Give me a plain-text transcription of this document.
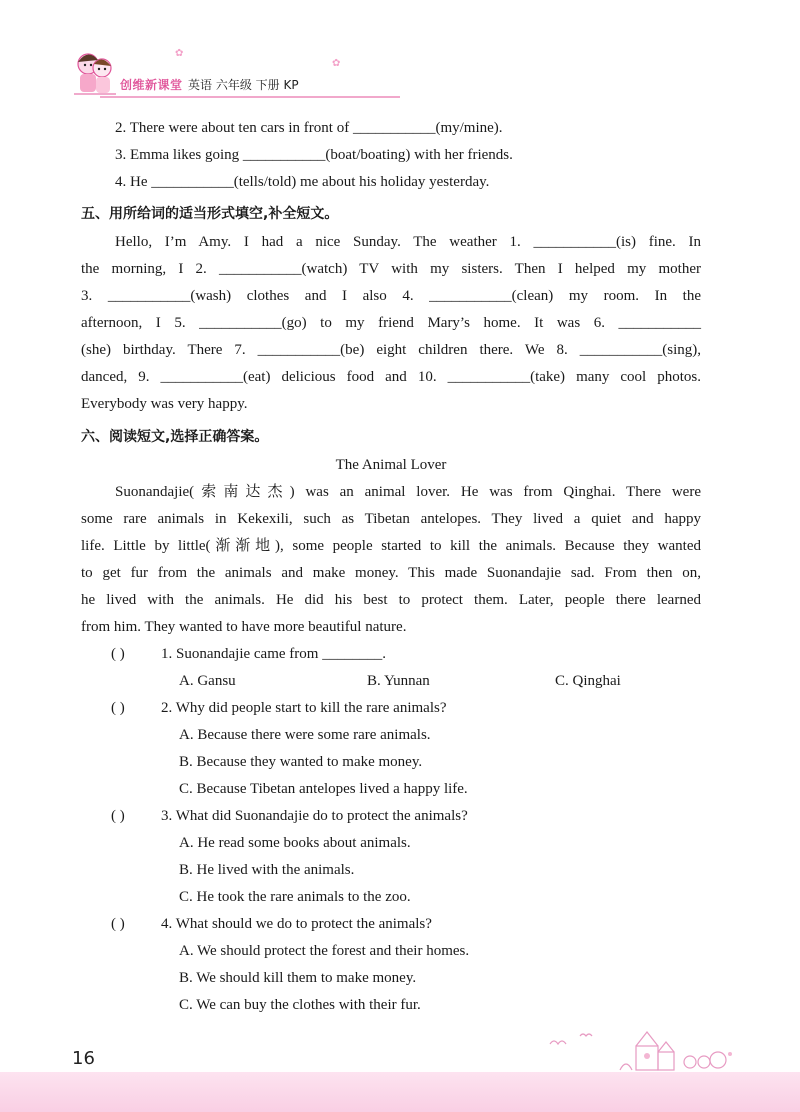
创维新课堂 英语 六年级 下册 KP
✿
✿
2. There were about ten cars in front of ___________(my/mine).
3. Emma likes going ___________(boat/boating) with her friends.
4. He ___________(tells/told) me about his holiday yesterday.
五、用所给词的适当形式填空,补全短文。
Hello, I’m Amy. I had a nice Sunday. The weather 1. ___________(is) fine. In
the morning, I 2. ___________(watch) TV with my sisters. Then I helped my mother
3. ___________(wash) clothes and I also 4. ___________(clean) my room. In the
afternoon, I 5. ___________(go) to my friend Mary’s home. It was 6. ___________
(she) birthday. There 7. ___________(be) eight children there. We 8. ___________(sing),
danced, 9. ___________(eat) delicious food and 10. ___________(take) many cool photos.
Everybody was very happy.
六、阅读短文,选择正确答案。
The Animal Lover
Suonandajie(索南达杰) was an animal lover. He was from Qinghai. There were
some rare animals in Kekexili, such as Tibetan antelopes. They lived a quiet and happy
life. Little by little(渐渐地), some people started to kill the animals. Because they wanted
to get fur from the animals and make money. This made Suonandajie sad. From then on,
he lived with the animals. He did his best to protect them. Later, people there learned
from him. They wanted to have more beautiful nature.
( ) 1. Suonandajie came from ________.
A. Gansu	B. Yunnan	C. Qinghai
( ) 2. Why did people start to kill the rare animals?
A. Because there were some rare animals.
B. Because they wanted to make money.
C. Because Tibetan antelopes lived a happy life.
( ) 3. What did Suonandajie do to protect the animals?
A. He read some books about animals.
B. He lived with the animals.
C. He took the rare animals to the zoo.
( ) 4. What should we do to protect the animals?
A. We should protect the forest and their homes.
B. We should kill them to make money.
C. We can buy the clothes with their fur.
16
